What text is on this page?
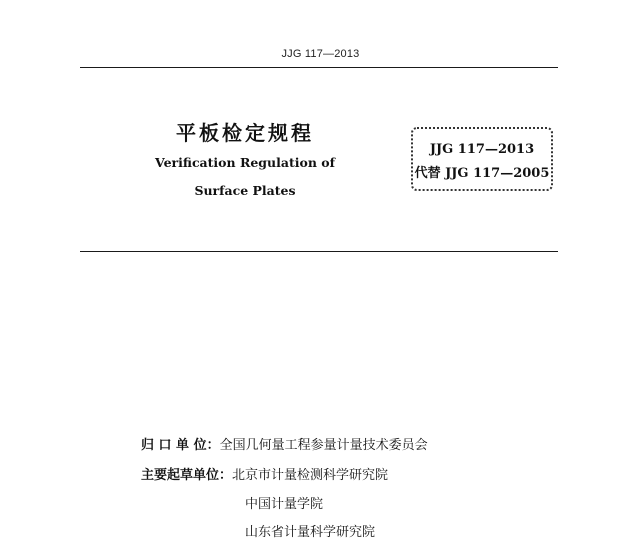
JJG 117—2013
平板检定规程
Verification Regulation of
Surface Plates
JJG 117—2013
代替 JJG 117—2005
归 口 单 位：全国几何量工程参量计量技术委员会
主要起草单位：北京市计量检测科学研究院
中国计量学院
山东省计量科学研究院
